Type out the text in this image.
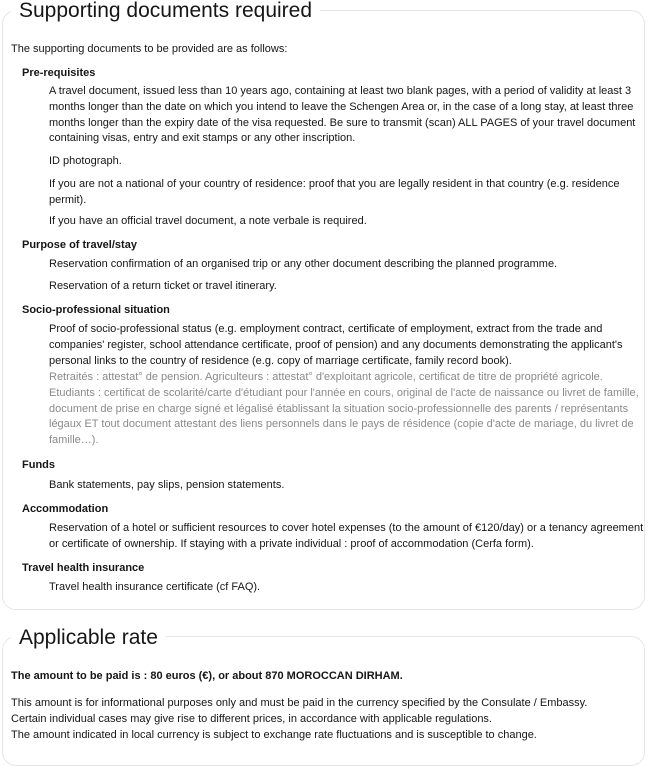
Supporting documents required

The supporting documents to be provided are as follows:

Pre-requisites

A travel document, issued less than 10 years ago, containing at least two blank pages, with a period of validity at least 3 months longer than the date on which you intend to leave the Schengen Area or, in the case of a long stay, at least three months longer than the expiry date of the visa requested. Be sure to transmit (scan) ALL PAGES of your travel document containing visas, entry and exit stamps or any other inscription.

ID photograph.

If you are not a national of your country of residence: proof that you are legally resident in that country (e.g. residence permit).

If you have an official travel document, a note verbale is required.

Purpose of travel/stay

Reservation confirmation of an organised trip or any other document describing the planned programme.

Reservation of a return ticket or travel itinerary.

Socio-professional situation

Proof of socio-professional status (e.g. employment contract, certificate of employment, extract from the trade and companies' register, school attendance certificate, proof of pension) and any documents demonstrating the applicant's personal links to the country of residence (e.g. copy of marriage certificate, family record book).

Retraités : attestat° de pension. Agriculteurs : attestat° d'exploitant agricole, certificat de titre de propriété agricole. Etudiants : certificat de scolarité/carte d'étudiant pour l'année en cours, original de l'acte de naissance ou livret de famille, document de prise en charge signé et légalisé établissant la situation socio-professionnelle des parents / représentants légaux ET tout document attestant des liens personnels dans le pays de résidence (copie d'acte de mariage, du livret de famille…).

Funds

Bank statements, pay slips, pension statements.

Accommodation

Reservation of a hotel or sufficient resources to cover hotel expenses (to the amount of €120/day) or a tenancy agreement or certificate of ownership. If staying with a private individual : proof of accommodation (Cerfa form).

Travel health insurance

Travel health insurance certificate (cf FAQ).

Applicable rate

The amount to be paid is : 80 euros (€), or about 870 MOROCCAN DIRHAM.

This amount is for informational purposes only and must be paid in the currency specified by the Consulate / Embassy.

Certain individual cases may give rise to different prices, in accordance with applicable regulations.

The amount indicated in local currency is subject to exchange rate fluctuations and is susceptible to change.
